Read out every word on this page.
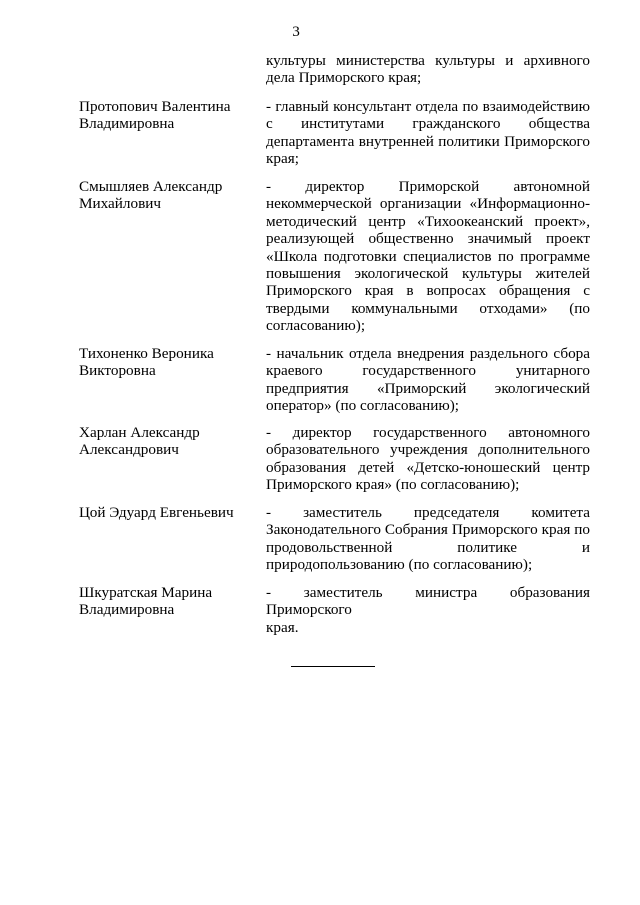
3
культуры министерства культуры и архивного
дела Приморского края;
Протопович Валентина
Владимировна
- главный консультант отдела по взаимодействию
с институтами гражданского общества
департамента внутренней политики Приморского
края;
Смышляев Александр
Михайлович
- директор Приморской автономной
некоммерческой организации «Информационно-
методический центр «Тихоокеанский проект»,
реализующей общественно значимый проект
«Школа подготовки специалистов по программе
повышения экологической культуры жителей
Приморского края в вопросах обращения с
твердыми коммунальными отходами» (по
согласованию);
Тихоненко Вероника
Викторовна
- начальник отдела внедрения раздельного сбора
краевого государственного унитарного
предприятия «Приморский экологический
оператор» (по согласованию);
Харлан Александр
Александрович
- директор государственного автономного
образовательного учреждения дополнительного
образования детей «Детско-юношеский центр
Приморского края» (по согласованию);
Цой Эдуард Евгеньевич	- заместитель председателя комитета
Законодательного Собрания Приморского края по
продовольственной политике и
природопользованию (по согласованию);
Шкуратская Марина
Владимировна
- заместитель министра образования Приморского
края.
